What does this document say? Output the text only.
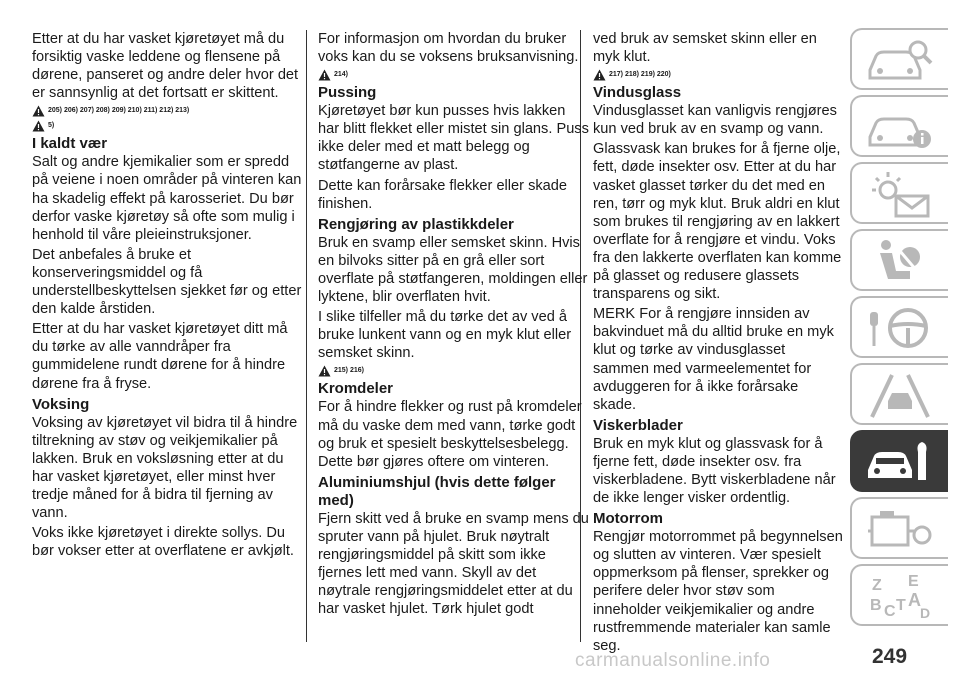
Etter at du har vasket kjøretøyet må du forsiktig vaske leddene og flensene på dørene, panseret og andre deler hvor det er sannsynlig at det fortsatt er skittent.

205) 206) 207) 208) 209) 210) 211) 212) 213)
5)
I kaldt vær

Salt og andre kjemikalier som er spredd på veiene i noen områder på vinteren kan ha skadelig effekt på karosseriet. Du bør derfor vaske kjøretøy så ofte som mulig i henhold til våre pleieinstruksjoner.

Det anbefales å bruke et konserveringsmiddel og få understellbeskyttelsen sjekket før og etter den kalde årstiden.

Etter at du har vasket kjøretøyet ditt må du tørke av alle vanndråper fra gummidelene rundt dørene for å hindre dørene fra å fryse.

Voksing

Voksing av kjøretøyet vil bidra til å hindre tiltrekning av støv og veikjemikalier på lakken. Bruk en voksløsning etter at du har vasket kjøretøyet, eller minst hver tredje måned for å bidra til fjerning av vann.

Voks ikke kjøretøyet i direkte sollys. Du bør vokser etter at overflatene er avkjølt.

For informasjon om hvordan du bruker voks kan du se voksens bruksanvisning.

214)
Pussing

Kjøretøyet bør kun pusses hvis lakken har blitt flekket eller mistet sin glans. Puss ikke deler med et matt belegg og støtfangerne av plast.

Dette kan forårsake flekker eller skade finishen.

Rengjøring av plastikkdeler

Bruk en svamp eller semsket skinn. Hvis en bilvoks sitter på en grå eller sort overflate på støtfangeren, moldingen eller lyktene, blir overflaten hvit.

I slike tilfeller må du tørke det av ved å bruke lunkent vann og en myk klut eller semsket skinn.

215) 216)
Kromdeler

For å hindre flekker og rust på kromdeler må du vaske dem med vann, tørke godt og bruk et spesielt beskyttelsesbelegg. Dette bør gjøres oftere om vinteren.

Aluminiumshjul (hvis dette følger med)

Fjern skitt ved å bruke en svamp mens du spruter vann på hjulet. Bruk nøytralt rengjøringsmiddel på skitt som ikke fjernes lett med vann. Skyll av det nøytrale rengjøringsmiddelet etter at du har vasket hjulet. Tørk hjulet godt

ved bruk av semsket skinn eller en myk klut.

217) 218) 219) 220)
Vindusglass

Vindusglasset kan vanligvis rengjøres kun ved bruk av en svamp og vann.

Glassvask kan brukes for å fjerne olje, fett, døde insekter osv. Etter at du har vasket glasset tørker du det med en ren, tørr og myk klut. Bruk aldri en klut som brukes til rengjøring av en lakkert overflate for å rengjøre et vindu. Voks fra den lakkerte overflaten kan komme på glasset og redusere glassets transparens og sikt.

MERK For å rengjøre innsiden av bakvinduet må du alltid bruke en myk klut og tørke av vindusglasset sammen med varmeelementet for avduggeren for å ikke forårsake skade.

Viskerblader

Bruk en myk klut og glassvask for å fjerne fett, døde insekter osv. fra viskerbladene. Bytt viskerbladene når de ikke lenger visker ordentlig.

Motorrom

Rengjør motorrommet på begynnelsen og slutten av vinteren. Vær spesielt oppmerksom på flenser, sprekker og perifere deler hvor støv som inneholder veikjemikalier og andre rustfremmende materialer kan samle seg.

Z E
B C T A
D
carmanualsonline.info	249
